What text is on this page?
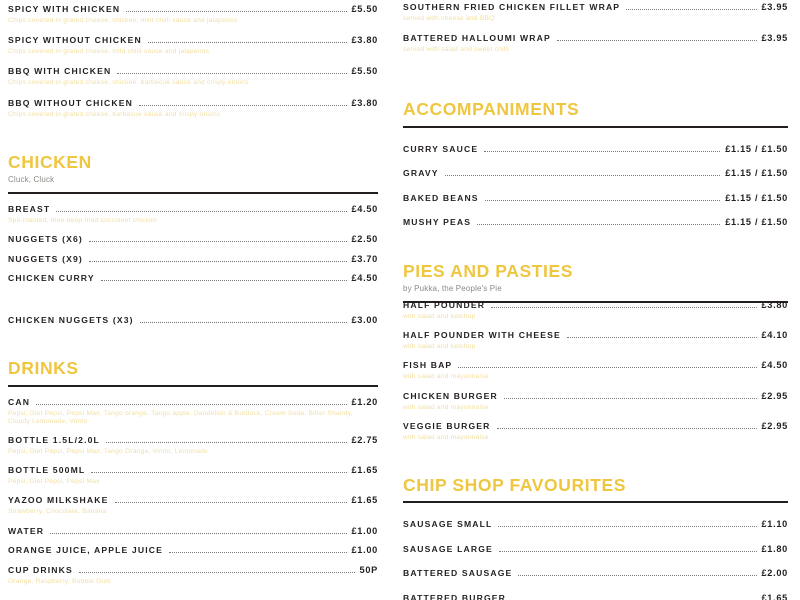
SPICY WITH CHICKEN	£5.50
Chips covered in grated cheese, chicken, mild chilli sauce and jalapenos
SPICY WITHOUT CHICKEN	£3.80
Chips covered in grated cheese, mild chilli sauce and jalapenos
BBQ WITH CHICKEN	£5.50
Chips covered in grated cheese, chicken, barbecue sauce and crispy onions
BBQ WITHOUT CHICKEN	£3.80
Chips covered in grated cheese, barbecue sauce and crispy onions
CHICKEN
Cluck, Cluck
BREAST	£4.50
Spit-roasted, then deep fried succulent chicken
NUGGETS (X6)	£2.50
NUGGETS (X9)	£3.70
CHICKEN CURRY	£4.50
CHICKEN NUGGETS (X3)	£3.00
DRINKS
CAN	£1.20
Pepsi, Diet Pepsi, Pepsi Max, Tango orange, Tango apple, Dandelion & Burdock, Cream Soda, Bitter Shandy, Cloudy Lemonade, Vimto
BOTTLE 1.5L/2.0L	£2.75
Pepsi, Diet Pepsi, Pepsi Max, Tango Orange, Vimto, Lemonade
BOTTLE 500ML	£1.65
Pepsi, Diet Pepsi, Pepsi Max
YAZOO MILKSHAKE	£1.65
Strawberry, Chocolate, Banana
WATER	£1.00
ORANGE JUICE, APPLE JUICE	£1.00
CUP DRINKS	50P
Orange, Raspberry, Bubble Gum
SOUTHERN FRIED CHICKEN FILLET WRAP	£3.95
served with cheese and BBQ
BATTERED HALLOUMI WRAP	£3.95
served with salad and sweet chilli
ACCOMPANIMENTS
CURRY SAUCE	£1.15 / £1.50
GRAVY	£1.15 / £1.50
BAKED BEANS	£1.15 / £1.50
MUSHY PEAS	£1.15 / £1.50
PIES AND PASTIES
by Pukka, the People's Pie
HALF POUNDER	£3.80
with salad and ketchup
HALF POUNDER WITH CHEESE	£4.10
with salad and ketchup
FISH BAP	£4.50
with salad and mayonnaise
CHICKEN BURGER	£2.95
with salad and mayonnaise
VEGGIE BURGER	£2.95
with salad and mayonnaise
CHIP SHOP FAVOURITES
SAUSAGE SMALL	£1.10
SAUSAGE LARGE	£1.80
BATTERED SAUSAGE	£2.00
BATTERED BURGER	£1.65
